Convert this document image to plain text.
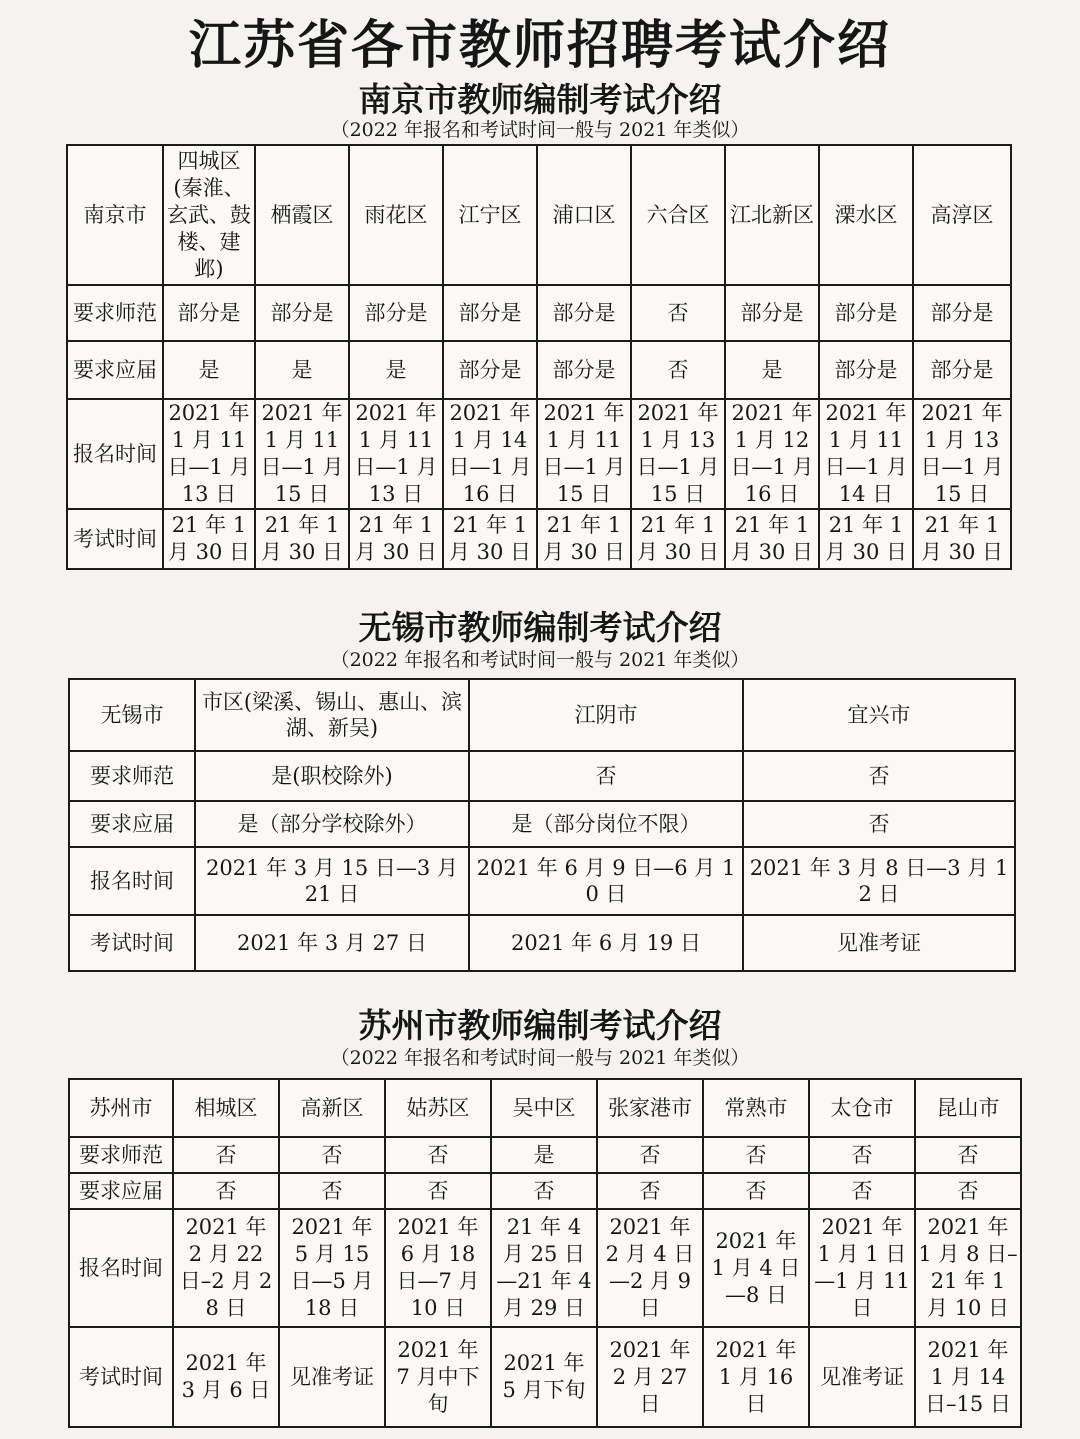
江苏省各市教师招聘考试介绍
南京市教师编制考试介绍
（2022 年报名和考试时间一般与 2021 年类似）
南京市	四城区(秦淮、玄武、鼓楼、建邺)	栖霞区	雨花区	江宁区	浦口区	六合区	江北新区	溧水区	高淳区
要求师范	部分是	部分是	部分是	部分是	部分是	否	部分是	部分是	部分是
要求应届	是	是	是	部分是	部分是	否	是	部分是	部分是
报名时间	2021 年 1 月 11 日—1 月 13 日	2021 年 1 月 11 日—1 月 15 日	2021 年 1 月 11 日—1 月 13 日	2021 年 1 月 14 日—1 月 16 日	2021 年 1 月 11 日—1 月 15 日	2021 年 1 月 13 日—1 月 15 日	2021 年 1 月 12 日—1 月 16 日	2021 年 1 月 11 日—1 月 14 日	2021 年 1 月 13 日—1 月 15 日
考试时间	21 年 1 月 30 日	21 年 1 月 30 日	21 年 1 月 30 日	21 年 1 月 30 日	21 年 1 月 30 日	21 年 1 月 30 日	21 年 1 月 30 日	21 年 1 月 30 日	21 年 1 月 30 日
无锡市教师编制考试介绍
（2022 年报名和考试时间一般与 2021 年类似）
无锡市	市区(梁溪、锡山、惠山、滨湖、新吴)	江阴市	宜兴市
要求师范	是(职校除外)	否	否
要求应届	是（部分学校除外）	是（部分岗位不限）	否
报名时间	2021 年 3 月 15 日—3 月 21 日	2021 年 6 月 9 日—6 月 10 日	2021 年 3 月 8 日—3 月 12 日
考试时间	2021 年 3 月 27 日	2021 年 6 月 19 日	见准考证
苏州市教师编制考试介绍
（2022 年报名和考试时间一般与 2021 年类似）
苏州市	相城区	高新区	姑苏区	吴中区	张家港市	常熟市	太仓市	昆山市
要求师范	否	否	否	是	否	否	否	否
要求应届	否	否	否	否	否	否	否	否
报名时间	2021 年 2 月 22 日–2 月 28 日	2021 年 5 月 15 日—5 月 18 日	2021 年 6 月 18 日—7 月 10 日	21 年 4 月 25 日—21 年 4 月 29 日	2021 年 2 月 4 日—2 月 9 日	2021 年 1 月 4 日—8 日	2021 年 1 月 1 日—1 月 11 日	2021 年 1 月 8 日–21 年 1 月 10 日
考试时间	2021 年 3 月 6 日	见准考证	2021 年 7 月中下旬	2021 年 5 月下旬	2021 年 2 月 27 日	2021 年 1 月 16 日	见准考证	2021 年 1 月 14 日–15 日
